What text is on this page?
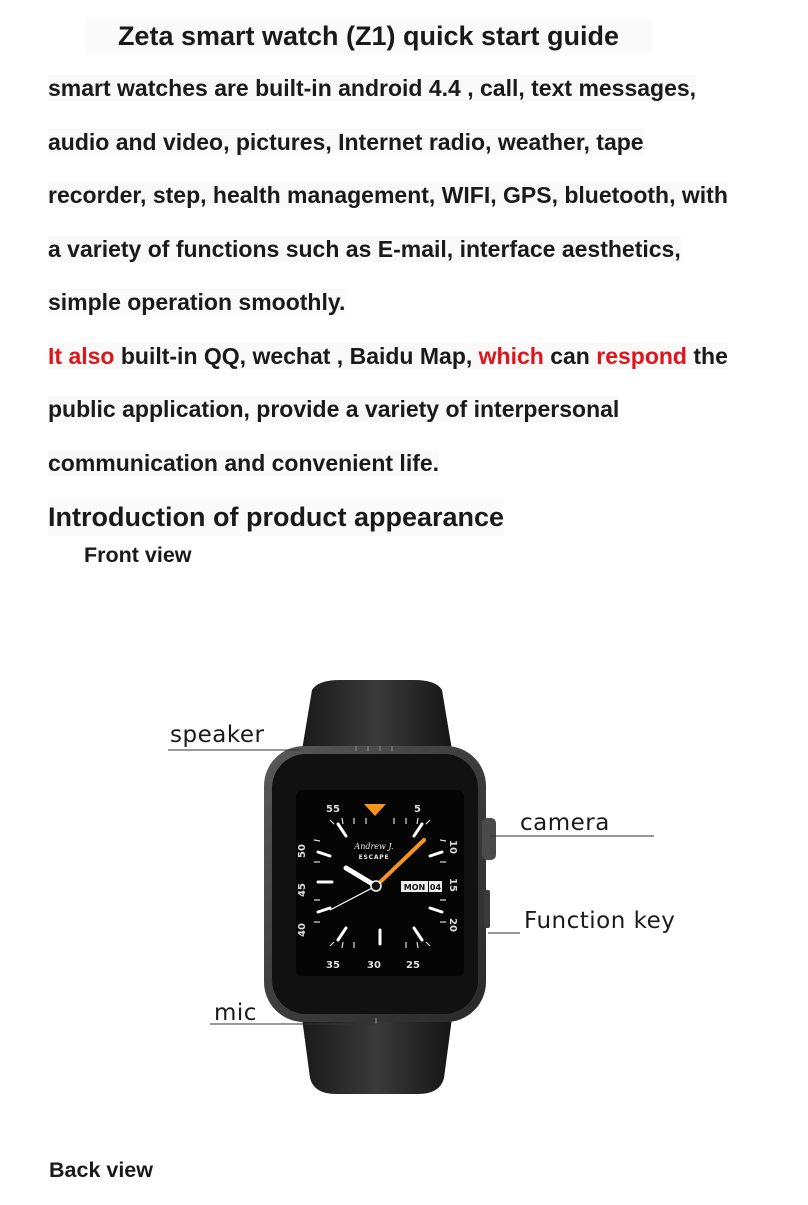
Zeta smart watch (Z1) quick start guide

smart watches are built-in android 4.4 , call, text messages,

audio and video, pictures, Internet radio, weather, tape

recorder, step, health management, WIFI, GPS, bluetooth, with

a variety of functions such as E-mail, interface aesthetics,

simple operation smoothly.

It also built-in QQ, wechat , Baidu Map, which can respond the

public application, provide a variety of interpersonal

communication and convenient life.

Introduction of product appearance
Front view
55	5
35	30	25
50
45
40
10
15
20
Andrew J.
ESCAPE
MON 04
speaker
camera
Function key
mic
Back view
